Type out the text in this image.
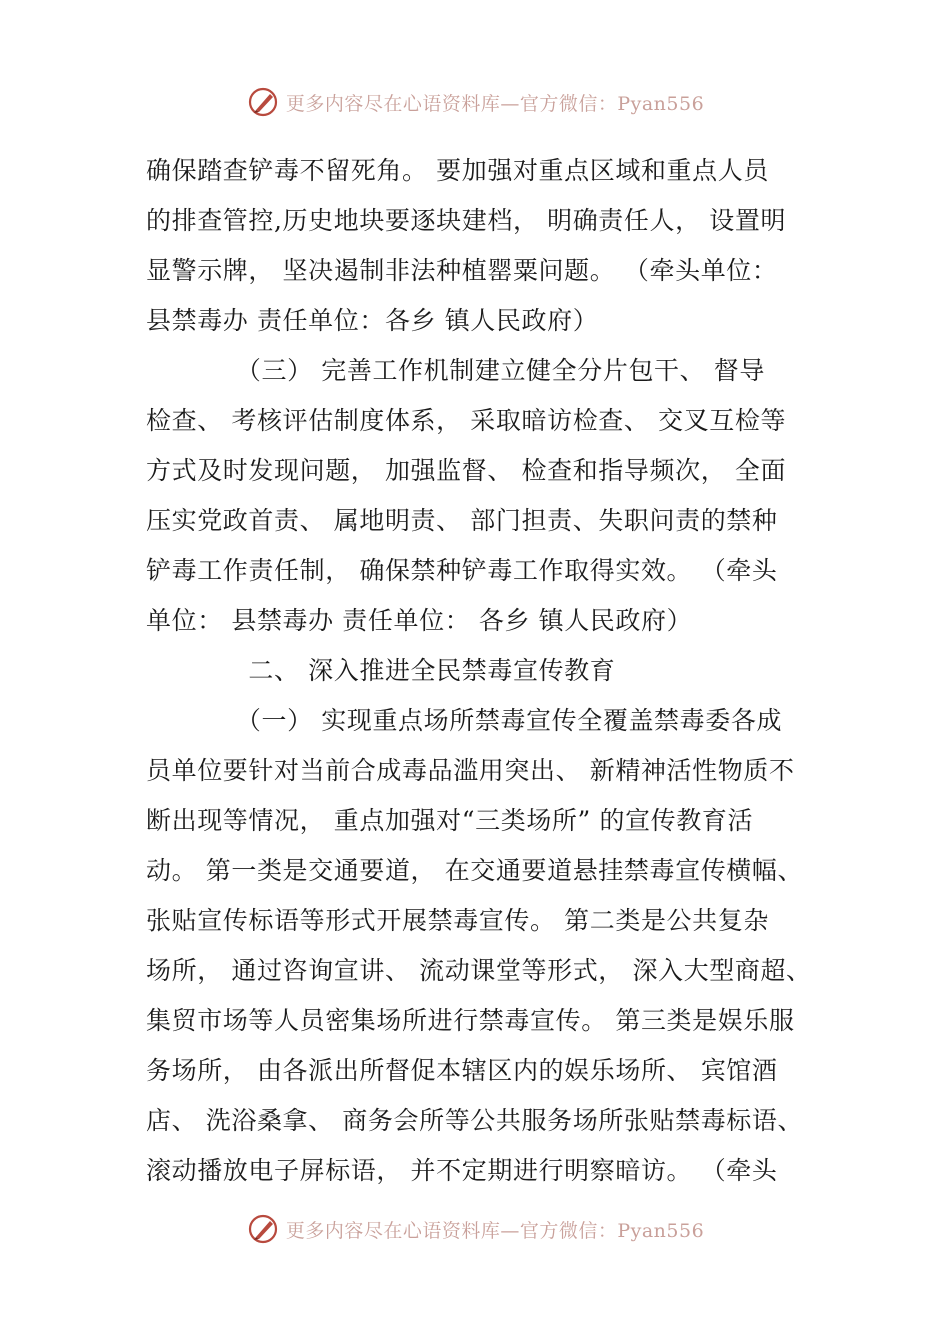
更多内容尽在心语资料库—官方微信：Pyan556
确保踏查铲毒不留死角。 要加强对重点区域和重点人员
的排查管控,历史地块要逐块建档， 明确责任人， 设置明
显警示牌， 坚决遏制非法种植罂粟问题。 （牵头单位：
县禁毒办 责任单位：各乡 镇人民政府）
　　　　（三） 完善工作机制建立健全分片包干、 督导
检查、 考核评估制度体系， 采取暗访检查、 交叉互检等
方式及时发现问题， 加强监督、 检查和指导频次， 全面
压实党政首责、 属地明责、 部门担责、失职问责的禁种
铲毒工作责任制， 确保禁种铲毒工作取得实效。 （牵头
单位： 县禁毒办 责任单位： 各乡 镇人民政府）
　　　　二、 深入推进全民禁毒宣传教育
　　　　（一） 实现重点场所禁毒宣传全覆盖禁毒委各成
员单位要针对当前合成毒品滥用突出、 新精神活性物质不
断出现等情况， 重点加强对“三类场所” 的宣传教育活
动。 第一类是交通要道， 在交通要道悬挂禁毒宣传横幅、
张贴宣传标语等形式开展禁毒宣传。 第二类是公共复杂
场所， 通过咨询宣讲、 流动课堂等形式， 深入大型商超、
集贸市场等人员密集场所进行禁毒宣传。 第三类是娱乐服
务场所， 由各派出所督促本辖区内的娱乐场所、 宾馆酒
店、 洗浴桑拿、 商务会所等公共服务场所张贴禁毒标语、
滚动播放电子屏标语， 并不定期进行明察暗访。 （牵头
更多内容尽在心语资料库—官方微信：Pyan556
